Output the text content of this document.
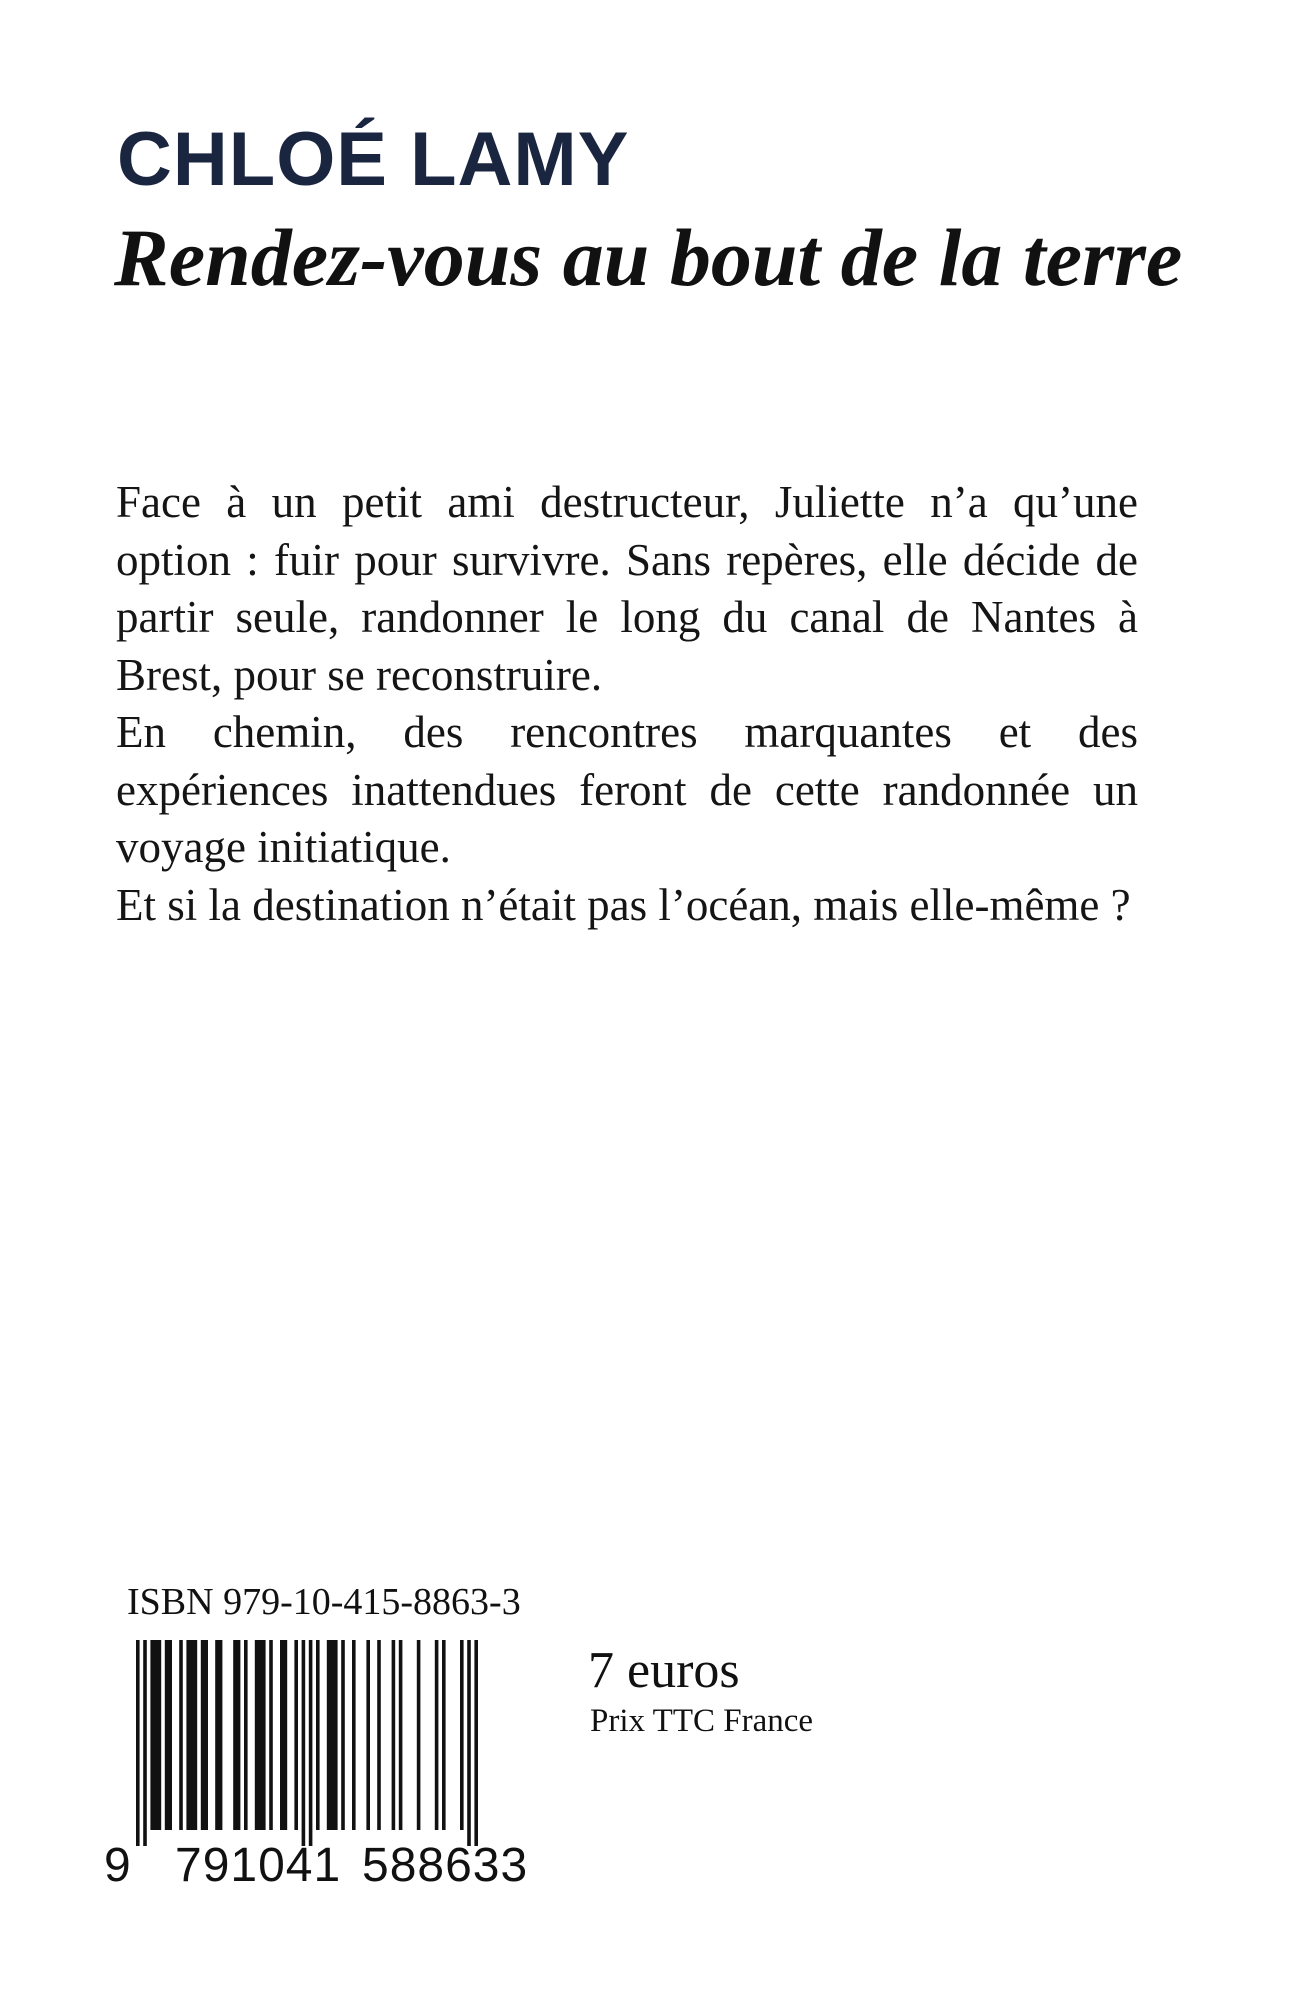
CHLOÉ LAMY
Rendez-vous au bout de la terre

Face à un petit ami destructeur, Juliette n’a qu’une option : fuir pour survivre. Sans repères, elle décide de partir seule, randonner le long du canal de Nantes à Brest, pour se reconstruire.

En chemin, des rencontres marquantes et des expériences inattendues feront de cette randonnée un voyage initiatique.

Et si la destination n’était pas l’océan, mais elle-même ?

ISBN 979-10-415-8863-3
9 791041 588633
7 euros
Prix TTC France
